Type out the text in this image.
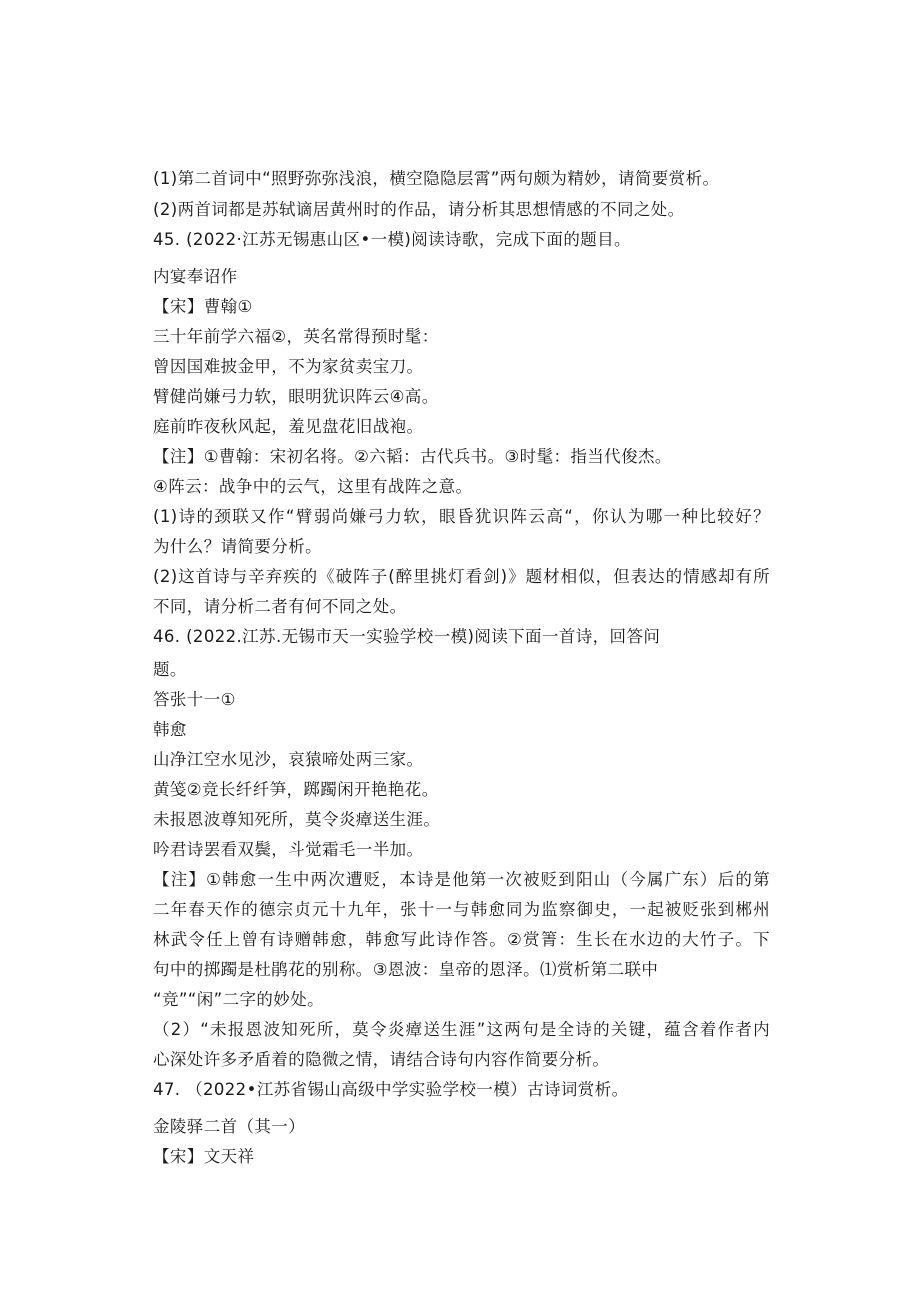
(1)第二首词中“照野弥弥浅浪，横空隐隐层霄”两句颇为精妙，请简要赏析。
(2)两首词都是苏轼谪居黄州时的作品，请分析其思想情感的不同之处。
45. (2022·江苏无锡惠山区•一模)阅读诗歌，完成下面的题目。
内宴奉诏作
【宋】曹翰①
三十年前学六福②，英名常得预时髦：
曾因国难披金甲，不为家贫卖宝刀。
臂健尚嫌弓力软，眼明犹识阵云④高。
庭前昨夜秋风起，羞见盘花旧战袍。
【注】①曹翰：宋初名将。②六韬：古代兵书。③时髦：指当代俊杰。
④阵云：战争中的云气，这里有战阵之意。
(1)诗的颈联又作“臂弱尚嫌弓力软，眼昏犹识阵云高“，你认为哪一种比较好？
为什么？请简要分析。
(2)这首诗与辛弃疾的《破阵子(醉里挑灯看剑)》题材相似，但表达的情感却有所
不同，请分析二者有何不同之处。
46. (2022.江苏.无锡市天一实验学校一模)阅读下面一首诗，回答问
题。
答张十一①
韩愈
山净江空水见沙，哀猿啼处两三家。
黄笺②竞长纤纤笋，踯躅闲开艳艳花。
未报恩波尊知死所，莫令炎瘴送生涯。
吟君诗罢看双鬓，斗觉霜毛一半加。
【注】①韩愈一生中两次遭贬，本诗是他第一次被贬到阳山（今属广东）后的第
二年春天作的德宗贞元十九年，张十一与韩愈同为监察御史，一起被贬张到郴州
林武令任上曾有诗赠韩愈，韩愈写此诗作答。②赏箐：生长在水边的大竹子。下
句中的掷躅是杜鹃花的别称。③恩波：皇帝的恩泽。⑴赏析第二联中
“竞”“闲”二字的妙处。
（2）“未报恩波知死所，莫令炎瘴送生涯”这两句是全诗的关键，蕴含着作者内
心深处许多矛盾着的隐微之情，请结合诗句内容作简要分析。
47. （2022•江苏省锡山高级中学实验学校一模）古诗词赏析。
金陵驿二首（其一）
【宋】文天祥
